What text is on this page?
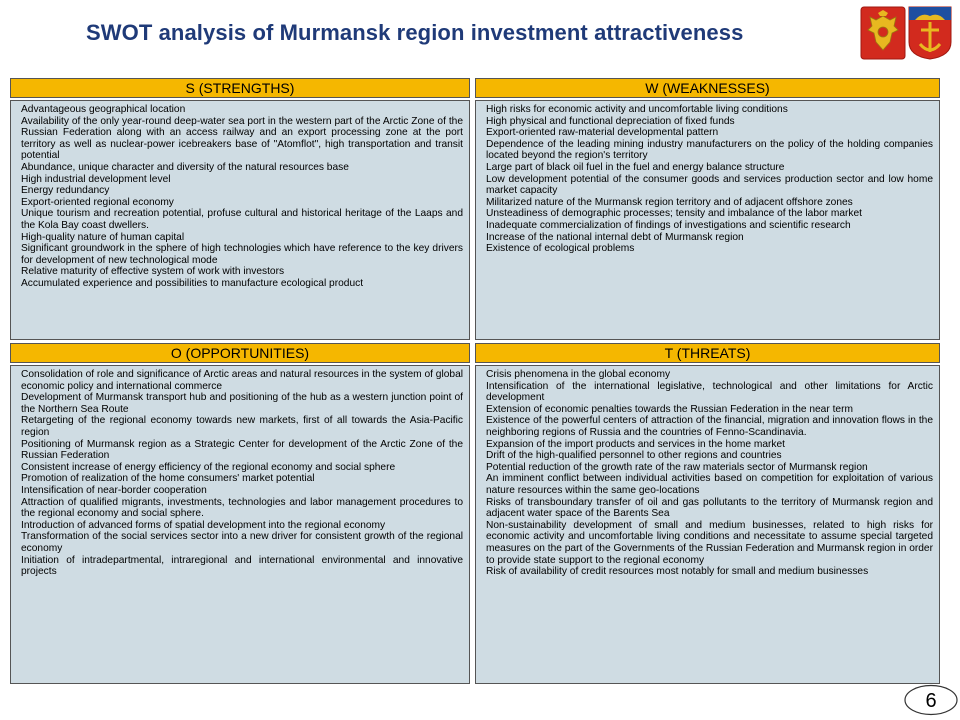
SWOT analysis of Murmansk region investment attractiveness
S (STRENGTHS)	W (WEAKNESSES)

Advantageous geographical location

Availability of the only year-round deep-water sea port in the western part of the Arctic Zone of the Russian Federation along with an access railway and an export processing zone at the port territory as well as nuclear-power icebreakers base of "Atomflot", high transportation and transit potential

Abundance, unique character and diversity of the natural resources base

High industrial development level

Energy redundancy

Export-oriented regional economy

Unique tourism and recreation potential, profuse cultural and historical heritage of the Laaps and the Kola Bay coast dwellers.

High-quality nature of human capital

Significant groundwork in the sphere of high technologies which have reference to the key drivers for development of new technological mode

Relative maturity of effective system of work with investors

Accumulated experience and possibilities to manufacture ecological product

High risks for economic activity and uncomfortable living conditions

High physical and functional depreciation of fixed funds

Export-oriented raw-material developmental pattern

Dependence of the leading mining industry manufacturers on the policy of the holding companies located beyond the region's territory

Large part of black oil fuel in the fuel and energy balance structure

Low development potential of the consumer goods and services production sector and low home market capacity

Militarized nature of the Murmansk region territory and of adjacent offshore zones

Unsteadiness of demographic processes; tensity and imbalance of the labor market

Inadequate commercialization of findings of investigations and scientific research

Increase of the national internal debt of Murmansk region

Existence of ecological problems

O (OPPORTUNITIES)	T (THREATS)

Consolidation of role and significance of Arctic areas and natural resources in the system of global economic policy and international commerce

Development of Murmansk transport hub and positioning of the hub as a western junction point of the Northern Sea Route

Retargeting of the regional economy towards new markets, first of all towards the Asia-Pacific region

Positioning of Murmansk region as a Strategic Center for development of the Arctic Zone of the Russian Federation

Consistent increase of energy efficiency of the regional economy and social sphere

Promotion of realization of the home consumers' market potential

Intensification of near-border cooperation

Attraction of qualified migrants, investments, technologies and labor management procedures to the regional economy and social sphere.

Introduction of advanced forms of spatial development into the regional economy

Transformation of the social services sector into a new driver for consistent growth of the regional economy

Initiation of intradepartmental, intraregional and international environmental and innovative projects

Crisis phenomena in the global economy

Intensification of the international legislative, technological and other limitations for Arctic development

Extension of economic penalties towards the Russian Federation in the near term

Existence of the powerful centers of attraction of the financial, migration and innovation flows in the neighboring regions of Russia and the countries of Fenno-Scandinavia.

Expansion of the import products and services in the home market

Drift of the high-qualified personnel to other regions and countries

Potential reduction of the growth rate of the raw materials sector of Murmansk region

An imminent conflict between individual activities based on competition for exploitation of various nature resources within the same geo-locations

Risks of transboundary transfer of oil and gas pollutants to the territory of Murmansk region and adjacent water space of the Barents Sea

Non-sustainability development of small and medium businesses, related to high risks for economic activity and uncomfortable living conditions and necessitate to assume special targeted measures on the part of the Governments of the Russian Federation and Murmansk region in order to provide state support to the regional economy

Risk of availability of credit resources most notably for small and medium businesses

6
